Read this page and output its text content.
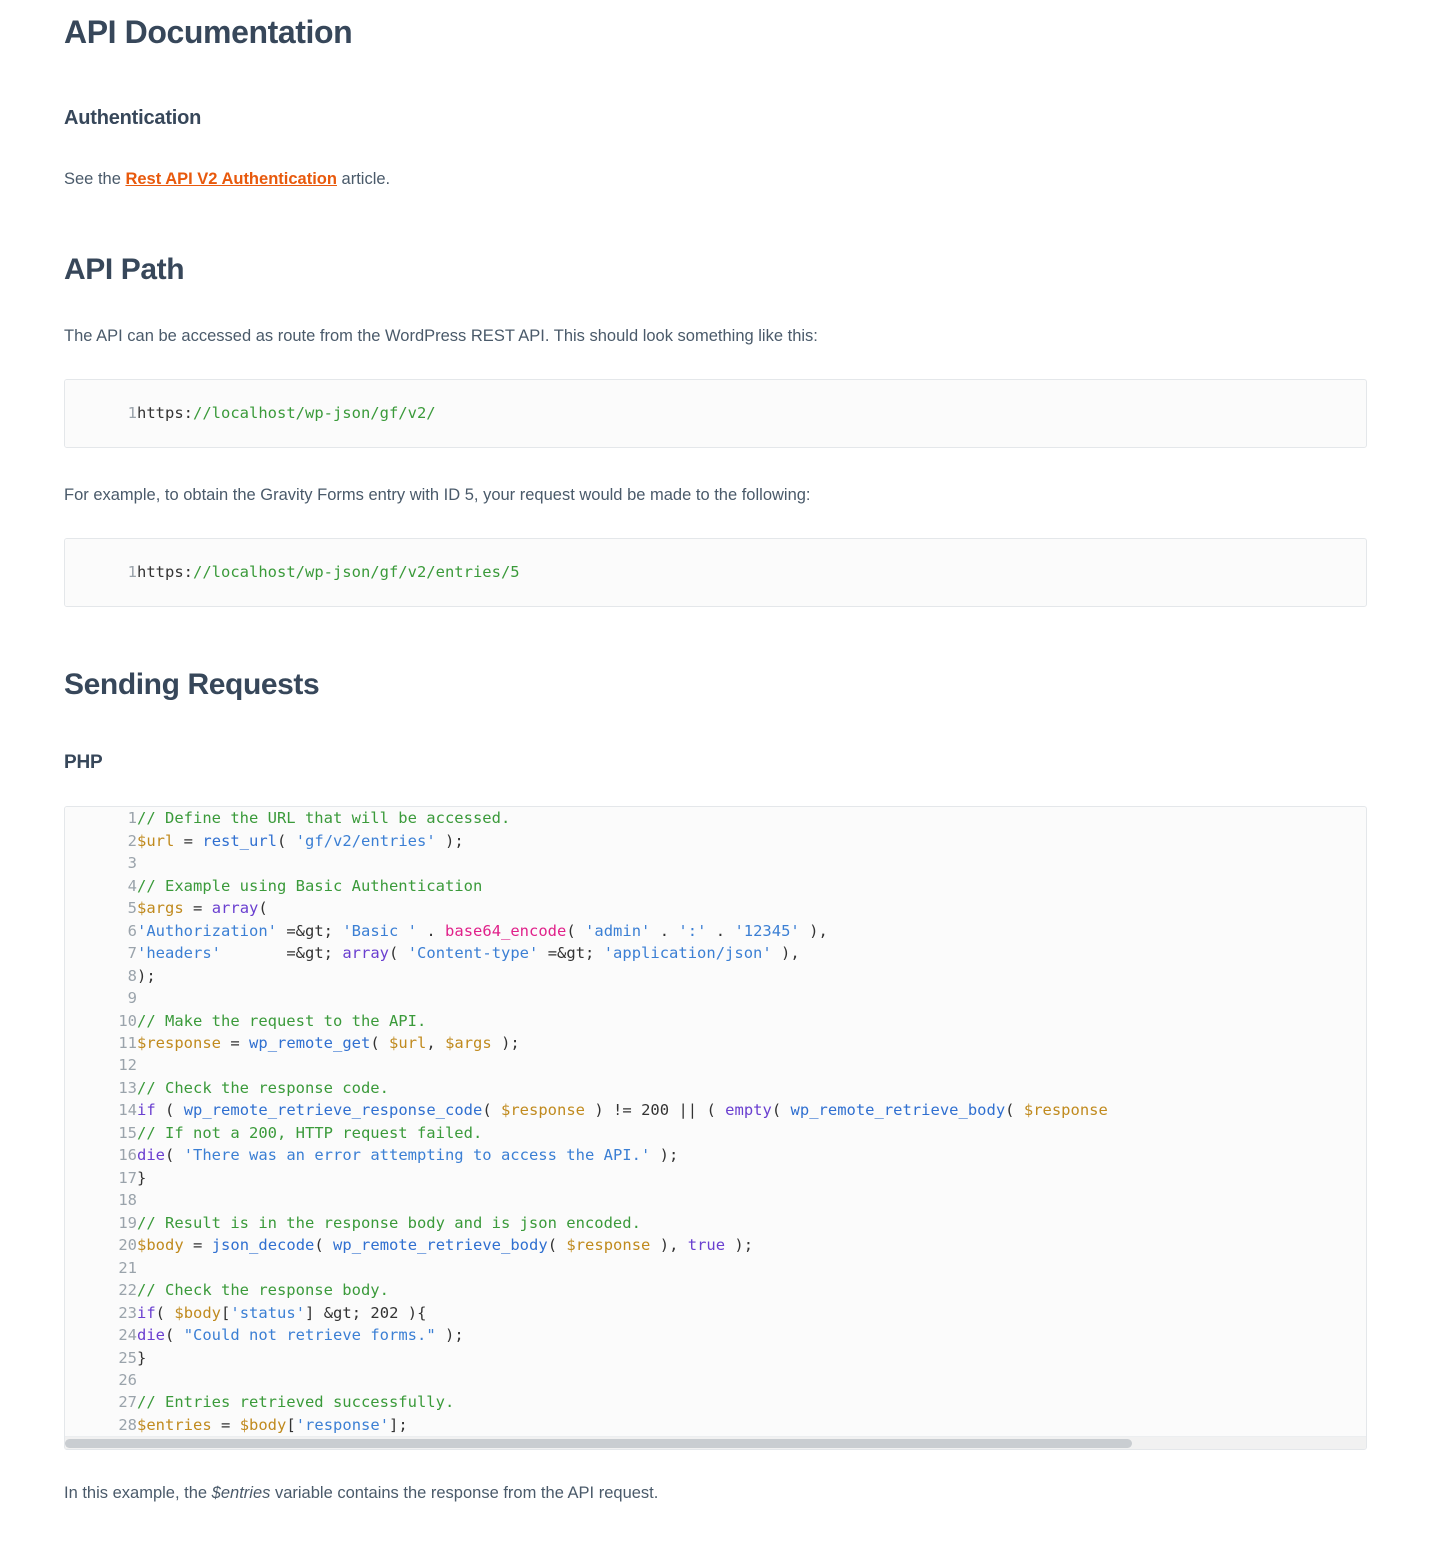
API Documentation
Authentication

See the Rest API V2 Authentication article.

API Path

The API can be accessed as route from the WordPress REST API. This should look something like this:

1		https://localhost/wp-json/gf/v2/

For example, to obtain the Gravity Forms entry with ID 5, your request would be made to the following:

1		https://localhost/wp-json/gf/v2/entries/5
Sending Requests
PHP
1
2
3
4
5
6
7
8
9
10
11
12
13
14
15
16
17
18
19
20
21
22
23
24
25
26
27
28		// Define the URL that will be accessed.
$url = rest_url( 'gf/v2/entries' );

// Example using Basic Authentication
$args = array(
'Authorization' =&gt; 'Basic ' . base64_encode( 'admin' . ':' . '12345' ),
'headers'	=&gt; array( 'Content-type' =&gt; 'application/json' ),
);

// Make the request to the API.
$response = wp_remote_get( $url, $args );

// Check the response code.
if ( wp_remote_retrieve_response_code( $response ) != 200 || ( empty( wp_remote_retrieve_body( $response
// If not a 200, HTTP request failed.
die( 'There was an error attempting to access the API.' );
}

// Result is in the response body and is json encoded.
$body = json_decode( wp_remote_retrieve_body( $response ), true );

// Check the response body.
if( $body['status'] &gt; 202 ){
die( "Could not retrieve forms." );
}

// Entries retrieved successfully.
$entries = $body['response'];

In this example, the $entries variable contains the response from the API request.
